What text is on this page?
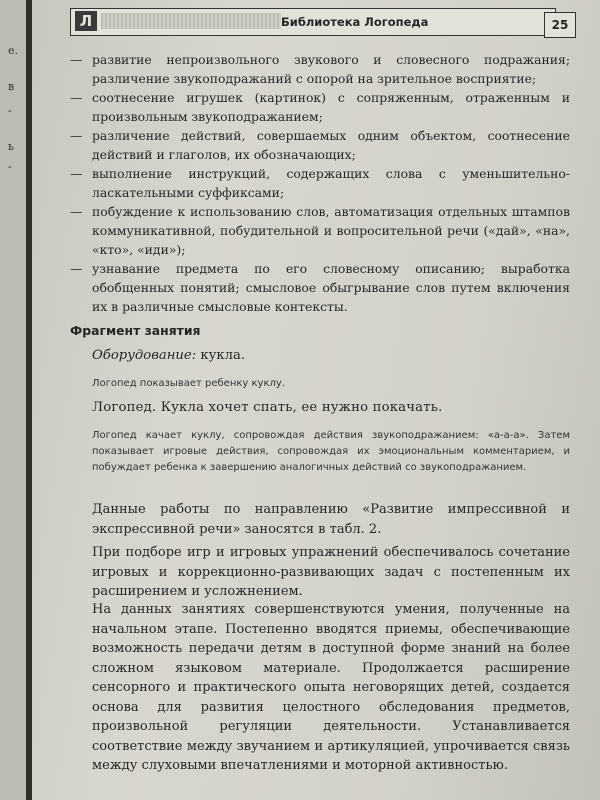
е.
в
-
ь
-
Л	Библиотека Логопеда	25
— развитие непроизвольного звукового и словесного подражания; различение звукоподражаний с опорой на зрительное восприятие;
— соотнесение игрушек (картинок) с сопряженным, отраженным и произвольным звукоподражанием;
— различение действий, совершаемых одним объектом, соотнесение действий и глаголов, их обозначающих;
— выполнение инструкций, содержащих слова с уменьшительно-ласкательными суффиксами;
— побуждение к использованию слов, автоматизация отдельных штампов коммуникативной, побудительной и вопросительной речи («дай», «на», «кто», «иди»);
— узнавание предмета по его словесному описанию; выработка обобщенных понятий; смысловое обыгрывание слов путем включения их в различные смысловые контексты.
Фрагмент занятия
Оборудование: кукла.
Логопед показывает ребенку куклу.
Логопед. Кукла хочет спать, ее нужно покачать.
Логопед качает куклу, сопровождая действия звукоподражанием: «а-а-а». Затем показывает игровые действия, сопровождая их эмоциональным комментарием, и побуждает ребенка к завершению аналогичных действий со звукоподражанием.

Данные работы по направлению «Развитие импрессивной и экспрессивной речи» заносятся в табл. 2.

При подборе игр и игровых упражнений обеспечивалось сочетание игровых и коррекционно-развивающих задач с постепенным их расширением и усложнением.

На данных занятиях совершенствуются умения, полученные на начальном этапе. Постепенно вводятся приемы, обеспечивающие возможность передачи детям в доступной форме знаний на более сложном языковом материале. Продолжается расширение сенсорного и практического опыта неговорящих детей, создается основа для развития целостного обследования предметов, произвольной регуляции деятельности. Устанавливается соответствие между звучанием и артикуляцией, упрочивается связь между слуховыми впечатлениями и моторной активностью.
